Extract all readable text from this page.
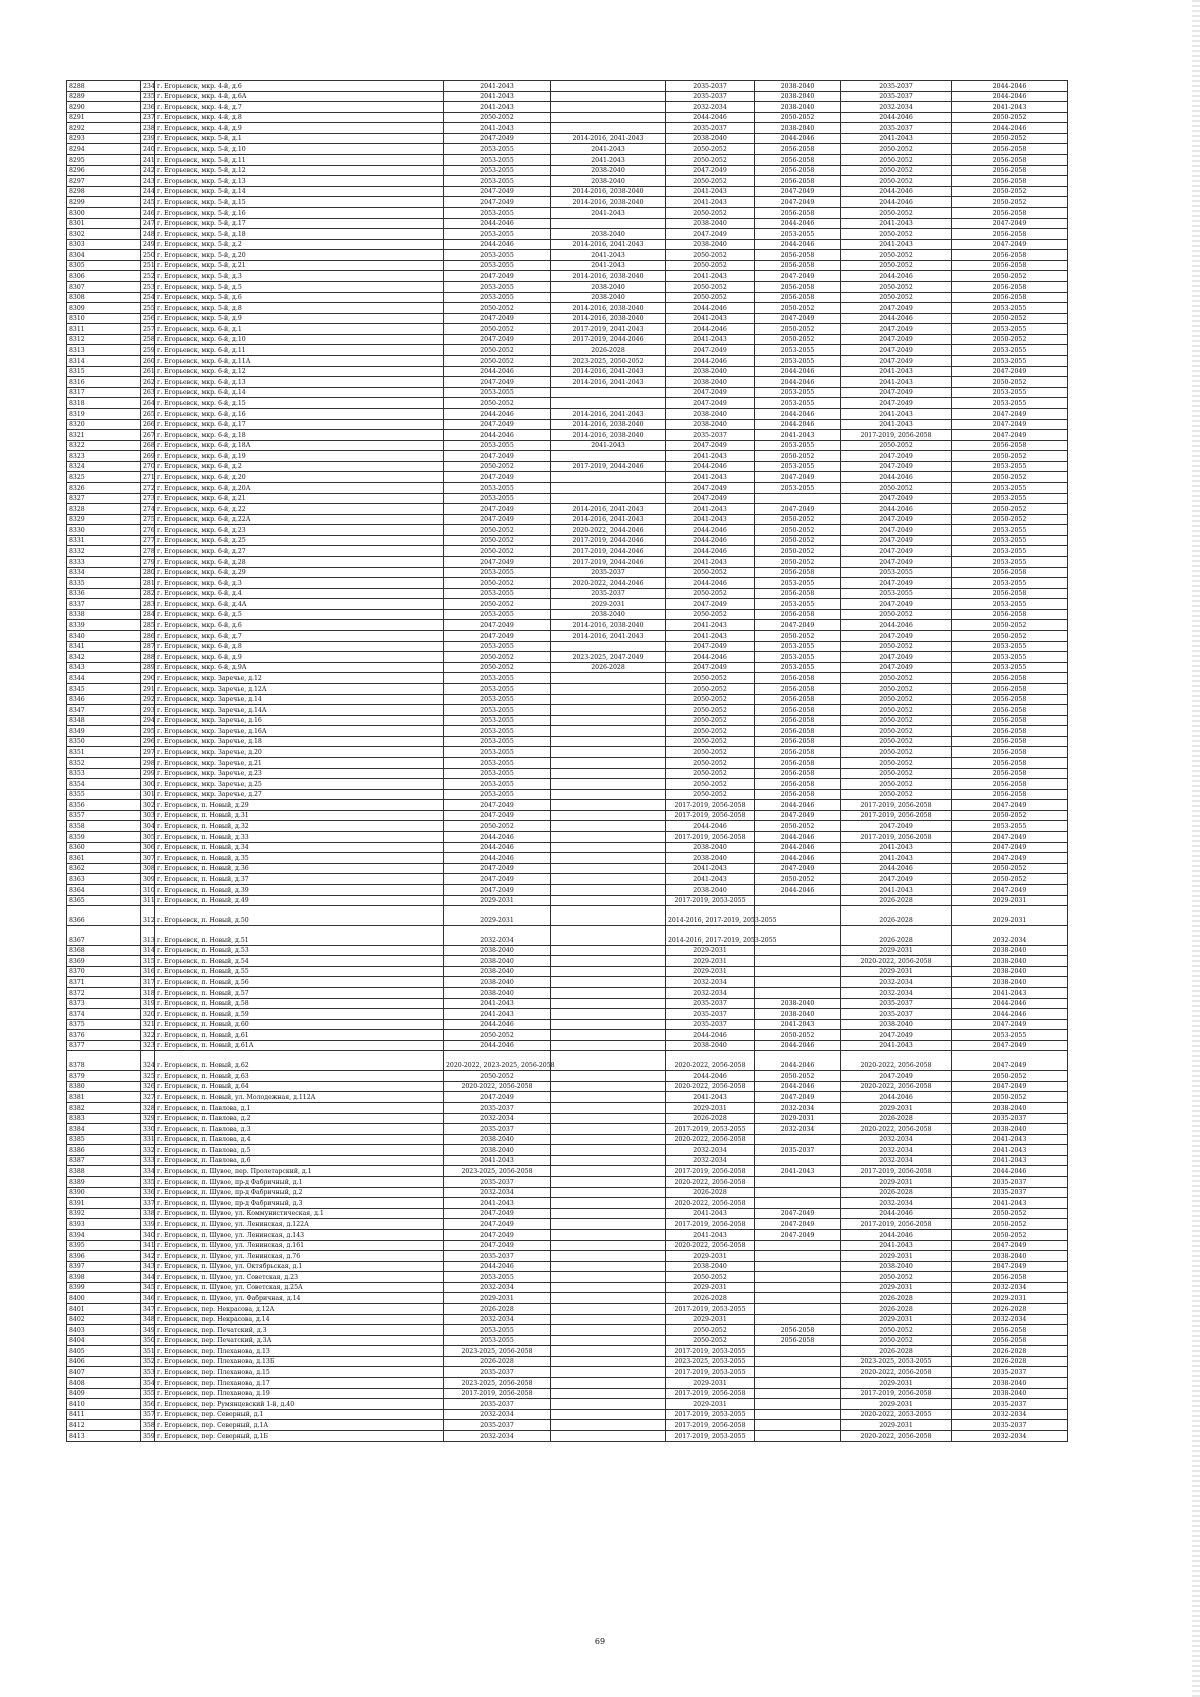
8288	234	г. Егорьевск, мкр. 4-й, д.6	2041-2043		2035-2037	2038-2040	2035-2037	2044-2046
8289	235	г. Егорьевск, мкр. 4-й, д.6А	2041-2043		2035-2037	2038-2040	2035-2037	2044-2046
8290	236	г. Егорьевск, мкр. 4-й, д.7	2041-2043		2032-2034	2038-2040	2032-2034	2041-2043
8291	237	г. Егорьевск, мкр. 4-й, д.8	2050-2052		2044-2046	2050-2052	2044-2046	2050-2052
8292	238	г. Егорьевск, мкр. 4-й, д.9	2041-2043		2035-2037	2038-2040	2035-2037	2044-2046
8293	239	г. Егорьевск, мкр. 5-й, д.1	2047-2049	2014-2016, 2041-2043	2038-2040	2044-2046	2041-2043	2050-2052
8294	240	г. Егорьевск, мкр. 5-й, д.10	2053-2055	2041-2043	2050-2052	2056-2058	2050-2052	2056-2058
8295	241	г. Егорьевск, мкр. 5-й, д.11	2053-2055	2041-2043	2050-2052	2056-2058	2050-2052	2056-2058
8296	242	г. Егорьевск, мкр. 5-й, д.12	2053-2055	2038-2040	2047-2049	2056-2058	2050-2052	2056-2058
8297	243	г. Егорьевск, мкр. 5-й, д.13	2053-2055	2038-2040	2050-2052	2056-2058	2050-2052	2056-2058
8298	244	г. Егорьевск, мкр. 5-й, д.14	2047-2049	2014-2016, 2038-2040	2041-2043	2047-2049	2044-2046	2050-2052
8299	245	г. Егорьевск, мкр. 5-й, д.15	2047-2049	2014-2016, 2038-2040	2041-2043	2047-2049	2044-2046	2050-2052
8300	246	г. Егорьевск, мкр. 5-й, д.16	2053-2055	2041-2043	2050-2052	2056-2058	2050-2052	2056-2058
8301	247	г. Егорьевск, мкр. 5-й, д.17	2044-2046		2038-2040	2044-2046	2041-2043	2047-2049
8302	248	г. Егорьевск, мкр. 5-й, д.18	2053-2055	2038-2040	2047-2049	2053-2055	2050-2052	2056-2058
8303	249	г. Егорьевск, мкр. 5-й, д.2	2044-2046	2014-2016, 2041-2043	2038-2040	2044-2046	2041-2043	2047-2049
8304	250	г. Егорьевск, мкр. 5-й, д.20	2053-2055	2041-2043	2050-2052	2056-2058	2050-2052	2056-2058
8305	251	г. Егорьевск, мкр. 5-й, д.21	2053-2055	2041-2043	2050-2052	2056-2058	2050-2052	2056-2058
8306	252	г. Егорьевск, мкр. 5-й, д.3	2047-2049	2014-2016, 2038-2040	2041-2043	2047-2049	2044-2046	2050-2052
8307	253	г. Егорьевск, мкр. 5-й, д.5	2053-2055	2038-2040	2050-2052	2056-2058	2050-2052	2056-2058
8308	254	г. Егорьевск, мкр. 5-й, д.6	2053-2055	2038-2040	2050-2052	2056-2058	2050-2052	2056-2058
8309	255	г. Егорьевск, мкр. 5-й, д.8	2050-2052	2014-2016, 2038-2040	2044-2046	2050-2052	2047-2049	2053-2055
8310	256	г. Егорьевск, мкр. 5-й, д.9	2047-2049	2014-2016, 2038-2040	2041-2043	2047-2049	2044-2046	2050-2052
8311	257	г. Егорьевск, мкр. 6-й, д.1	2050-2052	2017-2019, 2041-2043	2044-2046	2050-2052	2047-2049	2053-2055
8312	258	г. Егорьевск, мкр. 6-й, д.10	2047-2049	2017-2019, 2044-2046	2041-2043	2050-2052	2047-2049	2050-2052
8313	259	г. Егорьевск, мкр. 6-й, д.11	2050-2052	2026-2028	2047-2049	2053-2055	2047-2049	2053-2055
8314	260	г. Егорьевск, мкр. 6-й, д.11А	2050-2052	2023-2025, 2050-2052	2044-2046	2053-2055	2047-2049	2053-2055
8315	261	г. Егорьевск, мкр. 6-й, д.12	2044-2046	2014-2016, 2041-2043	2038-2040	2044-2046	2041-2043	2047-2049
8316	262	г. Егорьевск, мкр. 6-й, д.13	2047-2049	2014-2016, 2041-2043	2038-2040	2044-2046	2041-2043	2050-2052
8317	263	г. Егорьевск, мкр. 6-й, д.14	2053-2055		2047-2049	2053-2055	2047-2049	2053-2055
8318	264	г. Егорьевск, мкр. 6-й, д.15	2050-2052		2047-2049	2053-2055	2047-2049	2053-2055
8319	265	г. Егорьевск, мкр. 6-й, д.16	2044-2046	2014-2016, 2041-2043	2038-2040	2044-2046	2041-2043	2047-2049
8320	266	г. Егорьевск, мкр. 6-й, д.17	2047-2049	2014-2016, 2038-2040	2038-2040	2044-2046	2041-2043	2047-2049
8321	267	г. Егорьевск, мкр. 6-й, д.18	2044-2046	2014-2016, 2038-2040	2035-2037	2041-2043	2017-2019, 2056-2058	2047-2049
8322	268	г. Егорьевск, мкр. 6-й, д.18А	2053-2055	2041-2043	2047-2049	2053-2055	2050-2052	2056-2058
8323	269	г. Егорьевск, мкр. 6-й, д.19	2047-2049		2041-2043	2050-2052	2047-2049	2050-2052
8324	270	г. Егорьевск, мкр. 6-й, д.2	2050-2052	2017-2019, 2044-2046	2044-2046	2053-2055	2047-2049	2053-2055
8325	271	г. Егорьевск, мкр. 6-й, д.20	2047-2049		2041-2043	2047-2049	2044-2046	2050-2052
8326	272	г. Егорьевск, мкр. 6-й, д.20А	2053-2055		2047-2049	2053-2055	2050-2052	2053-2055
8327	273	г. Егорьевск, мкр. 6-й, д.21	2053-2055		2047-2049		2047-2049	2053-2055
8328	274	г. Егорьевск, мкр. 6-й, д.22	2047-2049	2014-2016, 2041-2043	2041-2043	2047-2049	2044-2046	2050-2052
8329	275	г. Егорьевск, мкр. 6-й, д.22А	2047-2049	2014-2016, 2041-2043	2041-2043	2050-2052	2047-2049	2050-2052
8330	276	г. Егорьевск, мкр. 6-й, д.23	2050-2052	2020-2022, 2044-2046	2044-2046	2050-2052	2047-2049	2053-2055
8331	277	г. Егорьевск, мкр. 6-й, д.25	2050-2052	2017-2019, 2044-2046	2044-2046	2050-2052	2047-2049	2053-2055
8332	278	г. Егорьевск, мкр. 6-й, д.27	2050-2052	2017-2019, 2044-2046	2044-2046	2050-2052	2047-2049	2053-2055
8333	279	г. Егорьевск, мкр. 6-й, д.28	2047-2049	2017-2019, 2044-2046	2041-2043	2050-2052	2047-2049	2053-2055
8334	280	г. Егорьевск, мкр. 6-й, д.29	2053-2055	2035-2037	2050-2052	2056-2058	2053-2055	2056-2058
8335	281	г. Егорьевск, мкр. 6-й, д.3	2050-2052	2020-2022, 2044-2046	2044-2046	2053-2055	2047-2049	2053-2055
8336	282	г. Егорьевск, мкр. 6-й, д.4	2053-2055	2035-2037	2050-2052	2056-2058	2053-2055	2056-2058
8337	283	г. Егорьевск, мкр. 6-й, д.4А	2050-2052	2029-2031	2047-2049	2053-2055	2047-2049	2053-2055
8338	284	г. Егорьевск, мкр. 6-й, д.5	2053-2055	2038-2040	2050-2052	2056-2058	2050-2052	2056-2058
8339	285	г. Егорьевск, мкр. 6-й, д.6	2047-2049	2014-2016, 2038-2040	2041-2043	2047-2049	2044-2046	2050-2052
8340	286	г. Егорьевск, мкр. 6-й, д.7	2047-2049	2014-2016, 2041-2043	2041-2043	2050-2052	2047-2049	2050-2052
8341	287	г. Егорьевск, мкр. 6-й, д.8	2053-2055		2047-2049	2053-2055	2050-2052	2053-2055
8342	288	г. Егорьевск, мкр. 6-й, д.9	2050-2052	2023-2025, 2047-2049	2044-2046	2053-2055	2047-2049	2053-2055
8343	289	г. Егорьевск, мкр. 6-й, д.9А	2050-2052	2026-2028	2047-2049	2053-2055	2047-2049	2053-2055
8344	290	г. Егорьевск, мкр. Заречье, д.12	2053-2055		2050-2052	2056-2058	2050-2052	2056-2058
8345	291	г. Егорьевск, мкр. Заречье, д.12А	2053-2055		2050-2052	2056-2058	2050-2052	2056-2058
8346	292	г. Егорьевск, мкр. Заречье, д.14	2053-2055		2050-2052	2056-2058	2050-2052	2056-2058
8347	293	г. Егорьевск, мкр. Заречье, д.14А	2053-2055		2050-2052	2056-2058	2050-2052	2056-2058
8348	294	г. Егорьевск, мкр. Заречье, д.16	2053-2055		2050-2052	2056-2058	2050-2052	2056-2058
8349	295	г. Егорьевск, мкр. Заречье, д.16А	2053-2055		2050-2052	2056-2058	2050-2052	2056-2058
8350	296	г. Егорьевск, мкр. Заречье, д.18	2053-2055		2050-2052	2056-2058	2050-2052	2056-2058
8351	297	г. Егорьевск, мкр. Заречье, д.20	2053-2055		2050-2052	2056-2058	2050-2052	2056-2058
8352	298	г. Егорьевск, мкр. Заречье, д.21	2053-2055		2050-2052	2056-2058	2050-2052	2056-2058
8353	299	г. Егорьевск, мкр. Заречье, д.23	2053-2055		2050-2052	2056-2058	2050-2052	2056-2058
8354	300	г. Егорьевск, мкр. Заречье, д.25	2053-2055		2050-2052	2056-2058	2050-2052	2056-2058
8355	301	г. Егорьевск, мкр. Заречье, д.27	2053-2055		2050-2052	2056-2058	2050-2052	2056-2058
8356	302	г. Егорьевск, п. Новый, д.29	2047-2049		2017-2019, 2056-2058	2044-2046	2017-2019, 2056-2058	2047-2049
8357	303	г. Егорьевск, п. Новый, д.31	2047-2049		2017-2019, 2056-2058	2047-2049	2017-2019, 2056-2058	2050-2052
8358	304	г. Егорьевск, п. Новый, д.32	2050-2052		2044-2046	2050-2052	2047-2049	2053-2055
8359	305	г. Егорьевск, п. Новый, д.33	2044-2046		2017-2019, 2056-2058	2044-2046	2017-2019, 2056-2058	2047-2049
8360	306	г. Егорьевск, п. Новый, д.34	2044-2046		2038-2040	2044-2046	2041-2043	2047-2049
8361	307	г. Егорьевск, п. Новый, д.35	2044-2046		2038-2040	2044-2046	2041-2043	2047-2049
8362	308	г. Егорьевск, п. Новый, д.36	2047-2049		2041-2043	2047-2049	2044-2046	2050-2052
8363	309	г. Егорьевск, п. Новый, д.37	2047-2049		2041-2043	2050-2052	2047-2049	2050-2052
8364	310	г. Егорьевск, п. Новый, д.39	2047-2049		2038-2040	2044-2046	2041-2043	2047-2049
8365	311	г. Егорьевск, п. Новый, д.49	2029-2031		2017-2019, 2053-2055		2026-2028	2029-2031
8366	312	г. Егорьевск, п. Новый, д.50	2029-2031		2014-2016, 2017-2019, 2053-2055		2026-2028	2029-2031
8367	313	г. Егорьевск, п. Новый, д.51	2032-2034		2014-2016, 2017-2019, 2053-2055		2026-2028	2032-2034
8368	314	г. Егорьевск, п. Новый, д.53	2038-2040		2029-2031		2029-2031	2038-2040
8369	315	г. Егорьевск, п. Новый, д.54	2038-2040		2029-2031		2020-2022, 2056-2058	2038-2040
8370	316	г. Егорьевск, п. Новый, д.55	2038-2040		2029-2031		2029-2031	2038-2040
8371	317	г. Егорьевск, п. Новый, д.56	2038-2040		2032-2034		2032-2034	2038-2040
8372	318	г. Егорьевск, п. Новый, д.57	2038-2040		2032-2034		2032-2034	2041-2043
8373	319	г. Егорьевск, п. Новый, д.58	2041-2043		2035-2037	2038-2040	2035-2037	2044-2046
8374	320	г. Егорьевск, п. Новый, д.59	2041-2043		2035-2037	2038-2040	2035-2037	2044-2046
8375	321	г. Егорьевск, п. Новый, д.60	2044-2046		2035-2037	2041-2043	2038-2040	2047-2049
8376	322	г. Егорьевск, п. Новый, д.61	2050-2052		2044-2046	2050-2052	2047-2049	2053-2055
8377	323	г. Егорьевск, п. Новый, д.61А	2044-2046		2038-2040	2044-2046	2041-2043	2047-2049
8378	324	г. Егорьевск, п. Новый, д.62	2020-2022, 2023-2025, 2056-2058		2020-2022, 2056-2058	2044-2046	2020-2022, 2056-2058	2047-2049
8379	325	г. Егорьевск, п. Новый, д.63	2050-2052		2044-2046	2050-2052	2047-2049	2050-2052
8380	326	г. Егорьевск, п. Новый, д.64	2020-2022, 2056-2058		2020-2022, 2056-2058	2044-2046	2020-2022, 2056-2058	2047-2049
8381	327	г. Егорьевск, п. Новый, ул. Молодежная, д.112А	2047-2049		2041-2043	2047-2049	2044-2046	2050-2052
8382	328	г. Егорьевск, п. Павлова, д.1	2035-2037		2029-2031	2032-2034	2029-2031	2038-2040
8383	329	г. Егорьевск, п. Павлова, д.2	2032-2034		2026-2028	2029-2031	2026-2028	2035-2037
8384	330	г. Егорьевск, п. Павлова, д.3	2035-2037		2017-2019, 2053-2055	2032-2034	2020-2022, 2056-2058	2038-2040
8385	331	г. Егорьевск, п. Павлова, д.4	2038-2040		2020-2022, 2056-2058		2032-2034	2041-2043
8386	332	г. Егорьевск, п. Павлова, д.5	2038-2040		2032-2034	2035-2037	2032-2034	2041-2043
8387	333	г. Егорьевск, п. Павлова, д.6	2041-2043		2032-2034		2032-2034	2041-2043
8388	334	г. Егорьевск, п. Шувое, пер. Пролетарский, д.1	2023-2025, 2056-2058		2017-2019, 2056-2058	2041-2043	2017-2019, 2056-2058	2044-2046
8389	335	г. Егорьевск, п. Шувое, пр-д Фабричный, д.1	2035-2037		2020-2022, 2056-2058		2029-2031	2035-2037
8390	336	г. Егорьевск, п. Шувое, пр-д Фабричный, д.2	2032-2034		2026-2028		2026-2028	2035-2037
8391	337	г. Егорьевск, п. Шувое, пр-д Фабричный, д.3	2041-2043		2020-2022, 2056-2058		2032-2034	2041-2043
8392	338	г. Егорьевск, п. Шувое, ул. Коммунистическая, д.1	2047-2049		2041-2043	2047-2049	2044-2046	2050-2052
8393	339	г. Егорьевск, п. Шувое, ул. Ленинская, д.122А	2047-2049		2017-2019, 2056-2058	2047-2049	2017-2019, 2056-2058	2050-2052
8394	340	г. Егорьевск, п. Шувое, ул. Ленинская, д.143	2047-2049		2041-2043	2047-2049	2044-2046	2050-2052
8395	341	г. Егорьевск, п. Шувое, ул. Ленинская, д.161	2047-2049		2020-2022, 2056-2058		2041-2043	2047-2049
8396	342	г. Егорьевск, п. Шувое, ул. Ленинская, д.76	2035-2037		2029-2031		2029-2031	2038-2040
8397	343	г. Егорьевск, п. Шувое, ул. Октябрьская, д.1	2044-2046		2038-2040		2038-2040	2047-2049
8398	344	г. Егорьевск, п. Шувое, ул. Советская, д.23	2053-2055		2050-2052		2050-2052	2056-2058
8399	345	г. Егорьевск, п. Шувое, ул. Советская, д.25А	2032-2034		2029-2031		2029-2031	2032-2034
8400	346	г. Егорьевск, п. Шувое, ул. Фабричная, д.14	2029-2031		2026-2028		2026-2028	2029-2031
8401	347	г. Егорьевск, пер. Некрасова, д.12А	2026-2028		2017-2019, 2053-2055		2026-2028	2026-2028
8402	348	г. Егорьевск, пер. Некрасова, д.14	2032-2034		2029-2031		2029-2031	2032-2034
8403	349	г. Егорьевск, пер. Печатский, д.3	2053-2055		2050-2052	2056-2058	2050-2052	2056-2058
8404	350	г. Егорьевск, пер. Печатский, д.3А	2053-2055		2050-2052	2056-2058	2050-2052	2056-2058
8405	351	г. Егорьевск, пер. Плеханова, д.13	2023-2025, 2056-2058		2017-2019, 2053-2055		2026-2028	2026-2028
8406	352	г. Егорьевск, пер. Плеханова, д.13Б	2026-2028		2023-2025, 2053-2055		2023-2025, 2053-2055	2026-2028
8407	353	г. Егорьевск, пер. Плеханова, д.15	2035-2037		2017-2019, 2053-2055		2020-2022, 2056-2058	2035-2037
8408	354	г. Егорьевск, пер. Плеханова, д.17	2023-2025, 2056-2058		2029-2031		2029-2031	2038-2040
8409	355	г. Егорьевск, пер. Плеханова, д.19	2017-2019, 2056-2058		2017-2019, 2056-2058		2017-2019, 2056-2058	2038-2040
8410	356	г. Егорьевск, пер. Румянцевский 1-й, д.40	2035-2037		2029-2031		2029-2031	2035-2037
8411	357	г. Егорьевск, пер. Северный, д.1	2032-2034		2017-2019, 2053-2055		2020-2022, 2053-2055	2032-2034
8412	358	г. Егорьевск, пер. Северный, д.1А	2035-2037		2017-2019, 2056-2058		2029-2031	2035-2037
8413	359	г. Егорьевск, пер. Северный, д.1Б	2032-2034		2017-2019, 2053-2055		2020-2022, 2056-2058	2032-2034
69
